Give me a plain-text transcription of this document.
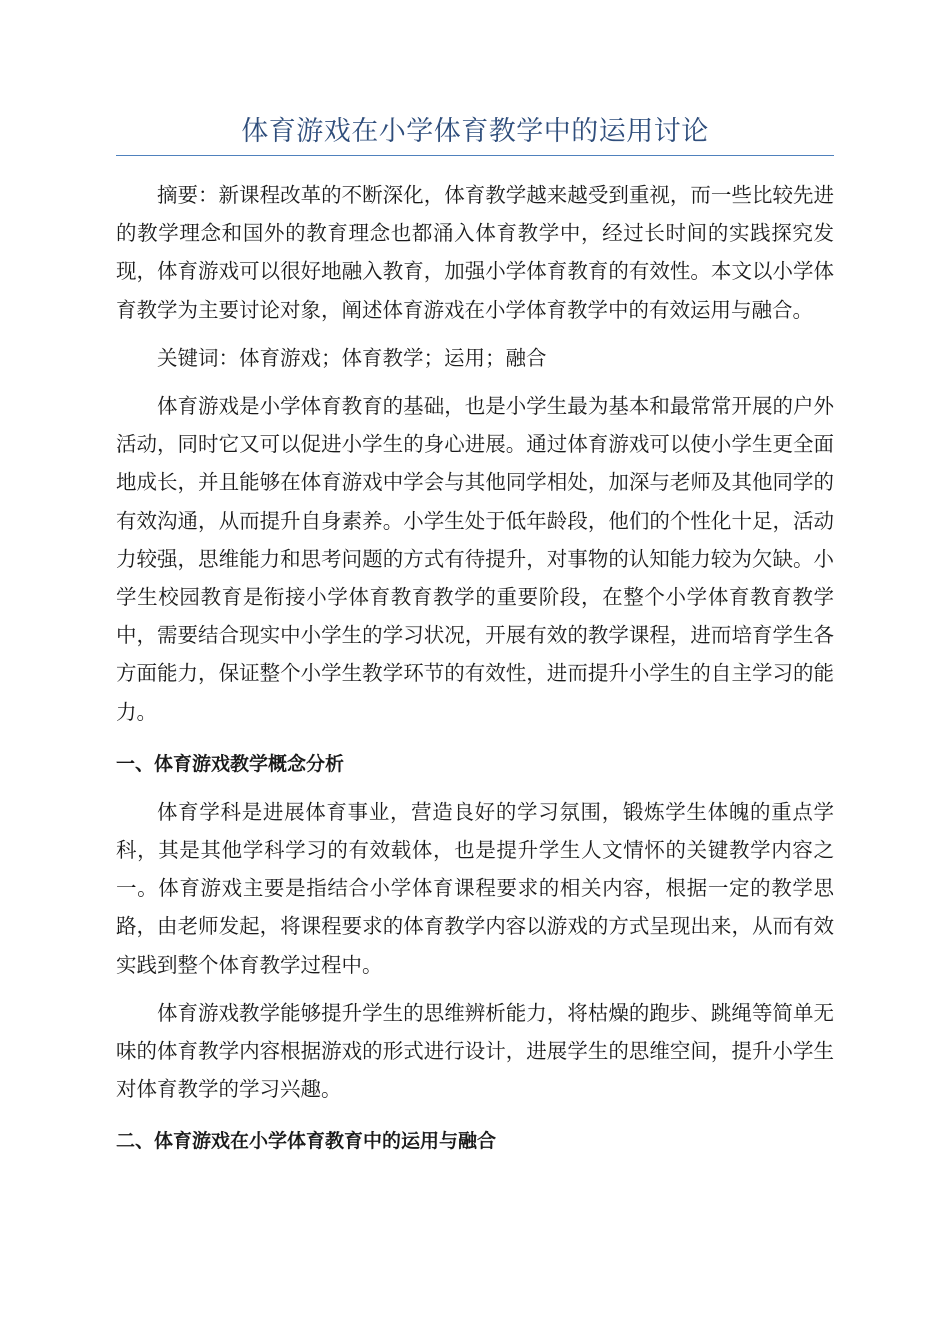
体育游戏在小学体育教学中的运用讨论

摘要：新课程改革的不断深化，体育教学越来越受到重视，而一些比较先进的教学理念和国外的教育理念也都涌入体育教学中，经过长时间的实践探究发现，体育游戏可以很好地融入教育，加强小学体育教育的有效性。本文以小学体育教学为主要讨论对象，阐述体育游戏在小学体育教学中的有效运用与融合。

关键词：体育游戏；体育教学；运用；融合

体育游戏是小学体育教育的基础，也是小学生最为基本和最常常开展的户外活动，同时它又可以促进小学生的身心进展。通过体育游戏可以使小学生更全面地成长，并且能够在体育游戏中学会与其他同学相处，加深与老师及其他同学的有效沟通，从而提升自身素养。小学生处于低年龄段，他们的个性化十足，活动力较强，思维能力和思考问题的方式有待提升，对事物的认知能力较为欠缺。小学生校园教育是衔接小学体育教育教学的重要阶段，在整个小学体育教育教学中，需要结合现实中小学生的学习状况，开展有效的教学课程，进而培育学生各方面能力，保证整个小学生教学环节的有效性，进而提升小学生的自主学习的能力。

一、体育游戏教学概念分析

体育学科是进展体育事业，营造良好的学习氛围，锻炼学生体魄的重点学科，其是其他学科学习的有效载体，也是提升学生人文情怀的关键教学内容之一。体育游戏主要是指结合小学体育课程要求的相关内容，根据一定的教学思路，由老师发起，将课程要求的体育教学内容以游戏的方式呈现出来，从而有效实践到整个体育教学过程中。

体育游戏教学能够提升学生的思维辨析能力，将枯燥的跑步、跳绳等简单无味的体育教学内容根据游戏的形式进行设计，进展学生的思维空间，提升小学生对体育教学的学习兴趣。

二、体育游戏在小学体育教育中的运用与融合
